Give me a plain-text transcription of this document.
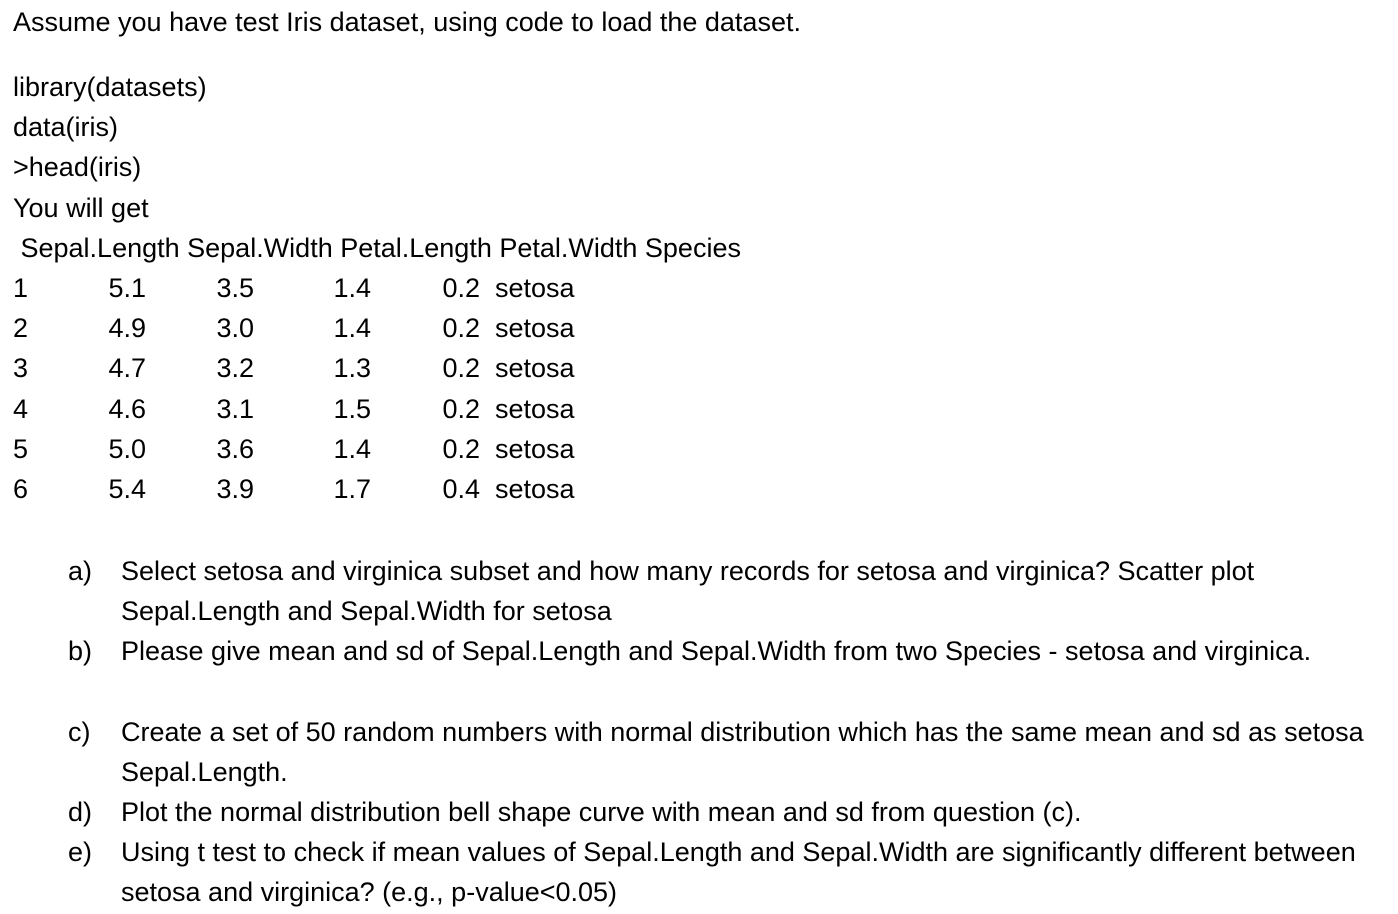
Assume you have test Iris dataset, using code to load the dataset.
library(datasets)
data(iris)
>head(iris)
You will get
Sepal.Length Sepal.Width Petal.Length Petal.Width Species
1	5.1	3.5	1.4	0.2 setosa
2	4.9	3.0	1.4	0.2 setosa
3	4.7	3.2	1.3	0.2 setosa
4	4.6	3.1	1.5	0.2 setosa
5	5.0	3.6	1.4	0.2 setosa
6	5.4	3.9	1.7	0.4 setosa
a)	Select setosa and virginica subset and how many records for setosa and virginica? Scatter plot Sepal.Length and Sepal.Width for setosa
b)	Please give mean and sd of Sepal.Length and Sepal.Width from two Species - setosa and virginica.
c)	Create a set of 50 random numbers with normal distribution which has the same mean and sd as setosa Sepal.Length.
d)	Plot the normal distribution bell shape curve with mean and sd from question (c).
e)	Using t test to check if mean values of Sepal.Length and Sepal.Width are significantly different between setosa and virginica? (e.g., p-value<0.05)
